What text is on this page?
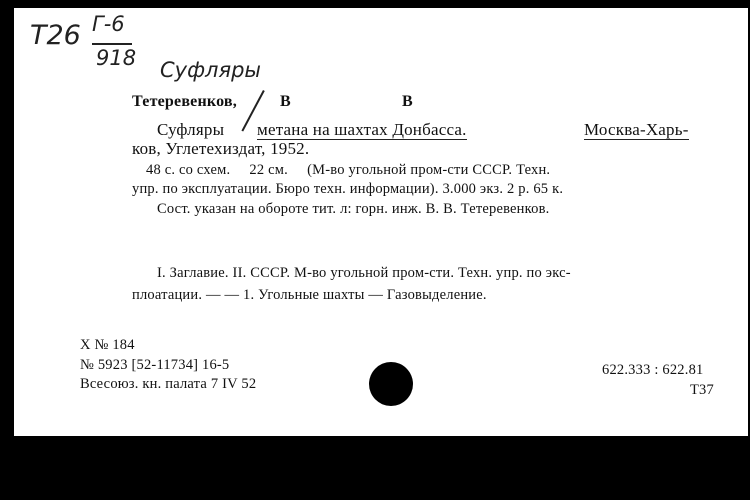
T26 Г-6
918 Суфляры
Тетеревенков,	В	В
Суфляры метана на шахтах Донбасса.	Москва-Харь-
ков, Углетехиздат, 1952.
48 с. со схем.     22 см.     (М-во угольной пром-сти СССР. Техн.
упр. по эксплуатации. Бюро техн. информации). 3.000 экз. 2 р. 65 к.
Сост. указан на обороте тит. л: горн. инж. В. В. Тетеревенков.
I. Заглавие. II. СССР. М-во угольной пром-сти. Техн. упр. по экс-
плоатации. — — 1. Угольные шахты — Газовыделение.
Х № 184
№ 5923 [52-11734] 16-5
Всесоюз. кн. палата 7 IV 52
622.333 : 622.81
Т37
